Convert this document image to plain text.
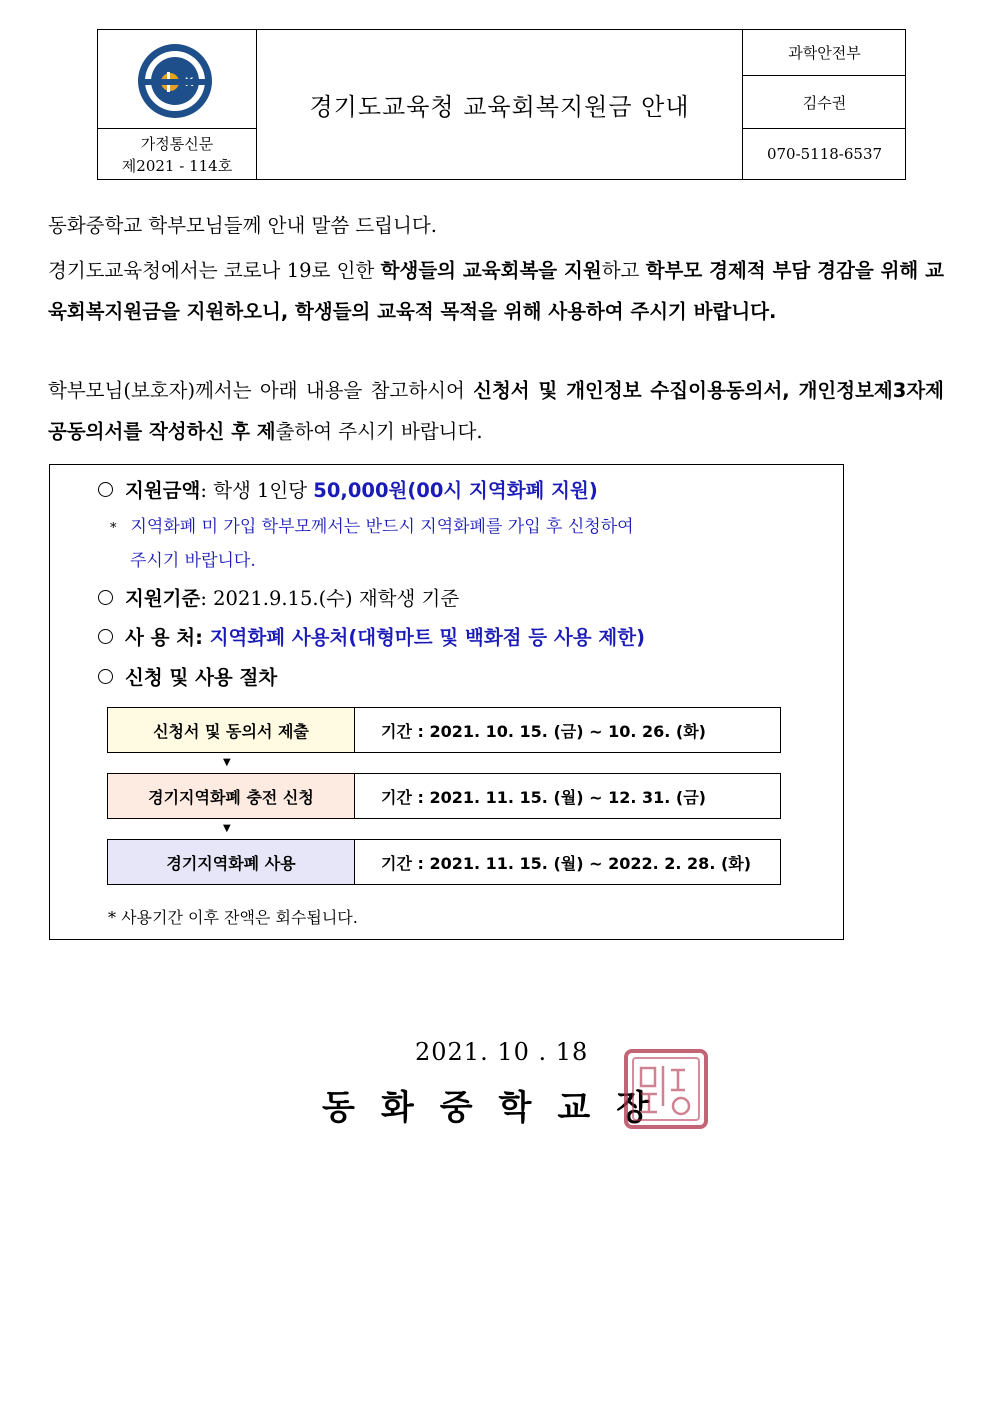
가정통신문
제2021 - 114호
경기도교육청 교육회복지원금 안내
과학안전부
김수권
070-5118-6537
동화중학교 학부모님들께 안내 말씀 드립니다.
경기도교육청에서는 코로나 19로 인한 학생들의 교육회복을 지원하고 학부모 경제적 부담 경감을 위해 교육회복지원금을 지원하오니, 학생들의 교육적 목적을 위해 사용하여 주시기 바랍니다.
학부모님(보호자)께서는 아래 내용을 참고하시어 신청서 및 개인정보 수집이용동의서, 개인정보제3자제공동의서를 작성하신 후 제출하여 주시기 바랍니다.
지원금액: 학생 1인당 50,000원(00시 지역화폐 지원)
* 지역화폐 미 가입 학부모께서는 반드시 지역화폐를 가입 후 신청하여
주시기 바랍니다.
지원기준: 2021.9.15.(수) 재학생 기준
사 용 처: 지역화폐 사용처(대형마트 및 백화점 등 사용 제한)
신청 및 사용 절차
신청서 및 동의서 제출	기간 : 2021. 10. 15. (금) ~ 10. 26. (화)
▼
경기지역화폐 충전 신청	기간 : 2021. 11. 15. (월) ~ 12. 31. (금)
▼
경기지역화폐 사용	기간 : 2021. 11. 15. (월) ~ 2022. 2. 28. (화)
* 사용기간 이후 잔액은 회수됩니다.
2021. 10 . 18
동화중학교장
